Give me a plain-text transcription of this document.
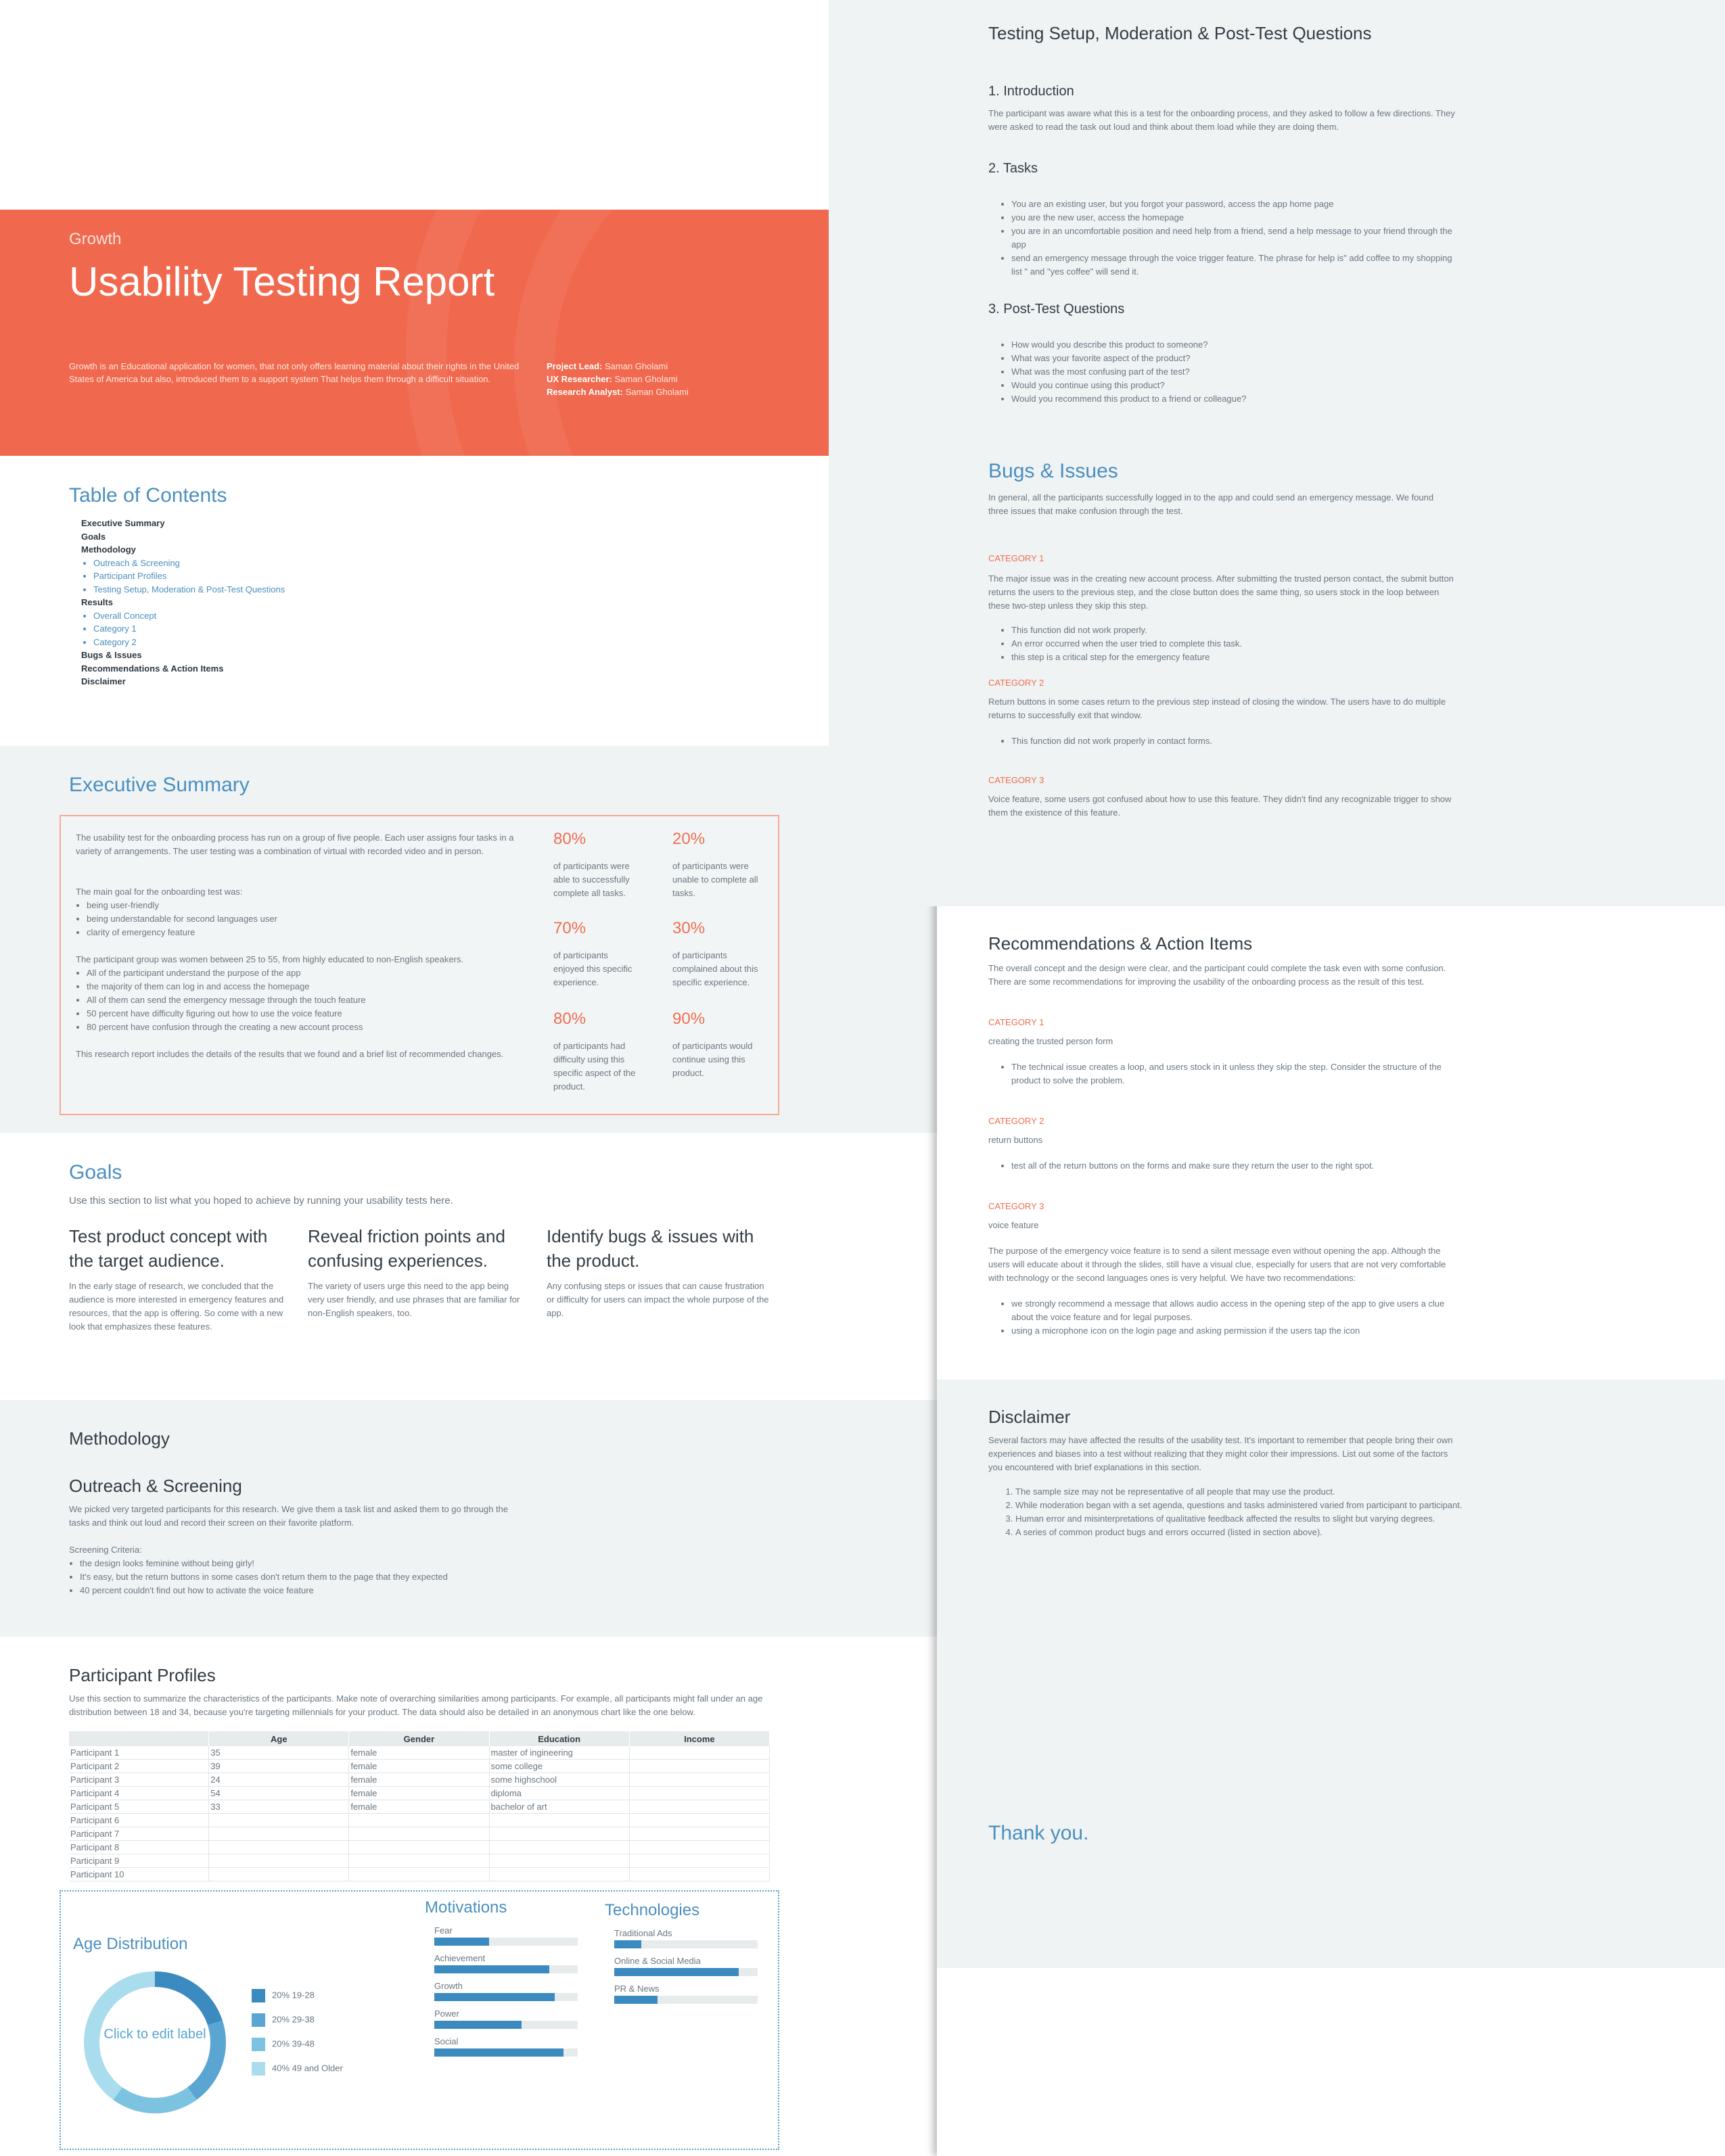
Growth
Usability Testing Report

Growth is an Educational application for women, that not only offers learning material about their rights in the United States of America but also, introduced them to a support system That helps them through a difficult situation.

Project Lead: Saman Gholami
UX Researcher: Saman Gholami
Research Analyst: Saman Gholami
Table of Contents
Executive Summary
Goals
Methodology
• Outreach & Screening
• Participant Profiles
• Testing Setup, Moderation & Post-Test Questions
Results
• Overall Concept
• Category 1
• Category 2
Bugs & Issues
Recommendations & Action Items
Disclaimer
Executive Summary

The usability test for the onboarding process has run on a group of five people. Each user assigns four tasks in a variety of arrangements. The user testing was a combination of virtual with recorded video and in person.

The main goal for the onboarding test was:

• being user-friendly
• being understandable for second languages user
• clarity of emergency feature

The participant group was women between 25 to 55, from highly educated to non-English speakers.

• All of the participant understand the purpose of the app
• the majority of them can log in and access the homepage
• All of them can send the emergency message through the touch feature
• 50 percent have difficulty figuring out how to use the voice feature
• 80 percent have confusion through the creating a new account process

This research report includes the details of the results that we found and a brief list of recommended changes.

80%
of participants were able to successfully complete all tasks.
20%
of participants were unable to complete all tasks.
70%
of participants enjoyed this specific experience.
30%
of participants complained about this specific experience.
80%
of participants had difficulty using this specific aspect of the product.
90%
of participants would continue using this product.
Goals

Use this section to list what you hoped to achieve by running your usability tests here.

Test product concept with the target audience.

In the early stage of research, we concluded that the audience is more interested in emergency features and resources, that the app is offering. So come with a new look that emphasizes these features.

Reveal friction points and confusing experiences.

The variety of users urge this need to the app being very user friendly, and use phrases that are familiar for non-English speakers, too.

Identify bugs & issues with the product.

Any confusing steps or issues that can cause frustration or difficulty for users can impact the whole purpose of the app.

Methodology
Outreach & Screening

We picked very targeted participants for this research. We give them a task list and asked them to go through the tasks and think out loud and record their screen on their favorite platform.

Screening Criteria:

• the design looks feminine without being girly!
• It's easy, but the return buttons in some cases don't return them to the page that they expected
• 40 percent couldn't find out how to activate the voice feature
Participant Profiles

Use this section to summarize the characteristics of the participants. Make note of overarching similarities among participants. For example, all participants might fall under an age distribution between 18 and 34, because you're targeting millennials for your product. The data should also be detailed in an anonymous chart like the one below.

	Age	Gender	Education	Income
Participant 1	35	female	master of ingineering	
Participant 2	39	female	some college	
Participant 3	24	female	some highschool	
Participant 4	54	female	diploma	
Participant 5	33	female	bachelor of art	
Participant 6				
Participant 7				
Participant 8				
Participant 9				
Participant 10				
Age Distribution
Click to edit label
20% 19-28
20% 29-38
20% 39-48
40% 49 and Older
Motivations
Fear
Achievement
Growth
Power
Social
Technologies
Traditional Ads
Online & Social Media
PR & News
Testing Setup, Moderation & Post-Test Questions
1. Introduction

The participant was aware what this is a test for the onboarding process, and they asked to follow a few directions. They were asked to read the task out loud and think about them load while they are doing them.

2. Tasks
• You are an existing user, but you forgot your password, access the app home page
• you are the new user, access the homepage
• you are in an uncomfortable position and need help from a friend, send a help message to your friend through the app
• send an emergency message through the voice trigger feature. The phrase for help is" add coffee to my shopping list " and "yes coffee" will send it.
3. Post-Test Questions
• How would you describe this product to someone?
• What was your favorite aspect of the product?
• What was the most confusing part of the test?
• Would you continue using this product?
• Would you recommend this product to a friend or colleague?
Bugs & Issues

In general, all the participants successfully logged in to the app and could send an emergency message. We found three issues that make confusion through the test.

CATEGORY 1

The major issue was in the creating new account process. After submitting the trusted person contact, the submit button returns the users to the previous step, and the close button does the same thing, so users stock in the loop between these two-step unless they skip this step.

• This function did not work properly.
• An error occurred when the user tried to complete this task.
• this step is a critical step for the emergency feature
CATEGORY 2

Return buttons in some cases return to the previous step instead of closing the window. The users have to do multiple returns to successfully exit that window.

• This function did not work properly in contact forms.
CATEGORY 3

Voice feature, some users got confused about how to use this feature. They didn't find any recognizable trigger to show them the existence of this feature.

Recommendations & Action Items

The overall concept and the design were clear, and the participant could complete the task even with some confusion. There are some recommendations for improving the usability of the onboarding process as the result of this test.

CATEGORY 1
creating the trusted person form
• The technical issue creates a loop, and users stock in it unless they skip the step. Consider the structure of the product to solve the problem.
CATEGORY 2
return buttons
• test all of the return buttons on the forms and make sure they return the user to the right spot.
CATEGORY 3
voice feature

The purpose of the emergency voice feature is to send a silent message even without opening the app. Although the users will educate about it through the slides, still have a visual clue, especially for users that are not very comfortable with technology or the second languages ones is very helpful. We have two recommendations:

• we strongly recommend a message that allows audio access in the opening step of the app to give users a clue about the voice feature and for legal purposes.
• using a microphone icon on the login page and asking permission if the users tap the icon
Disclaimer

Several factors may have affected the results of the usability test. It's important to remember that people bring their own experiences and biases into a test without realizing that they might color their impressions. List out some of the factors you encountered with brief explanations in this section.

1. The sample size may not be representative of all people that may use the product.
2. While moderation began with a set agenda, questions and tasks administered varied from participant to participant.
3. Human error and misinterpretations of qualitative feedback affected the results to slight but varying degrees.
4. A series of common product bugs and errors occurred (listed in section above).
Thank you.
